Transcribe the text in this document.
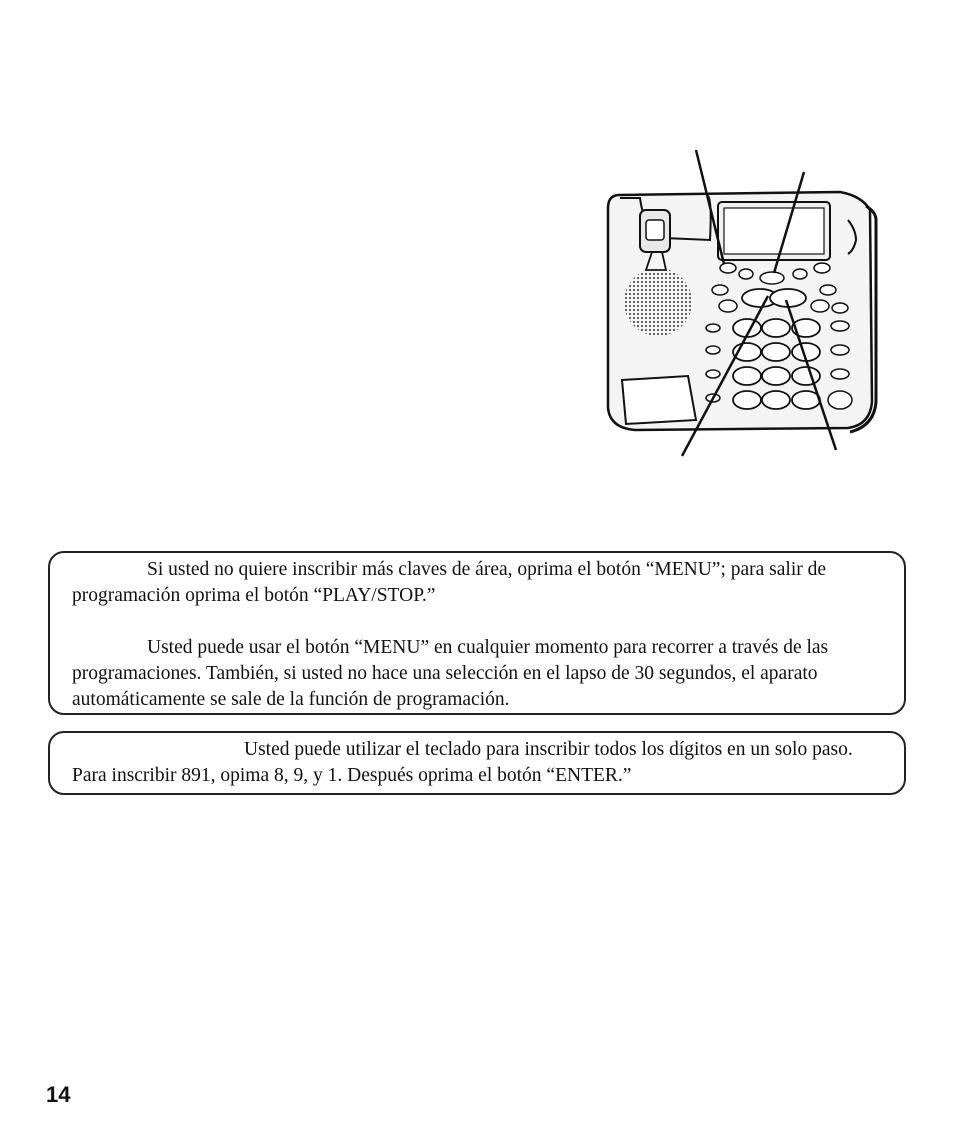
Si usted no quiere inscribir más claves de área, oprima el botón “MENU”; para salir de programación oprima el botón “PLAY/STOP.”

Usted puede usar el botón “MENU” en cualquier momento para recorrer a través de las programaciones. También, si usted no hace una selección en el lapso de 30 segundos, el aparato automáticamente se sale de la función de programación.

Usted puede utilizar el teclado para inscribir todos los dígitos en un solo paso. Para inscribir 891, opima 8, 9, y 1. Después oprima el botón “ENTER.”

14
